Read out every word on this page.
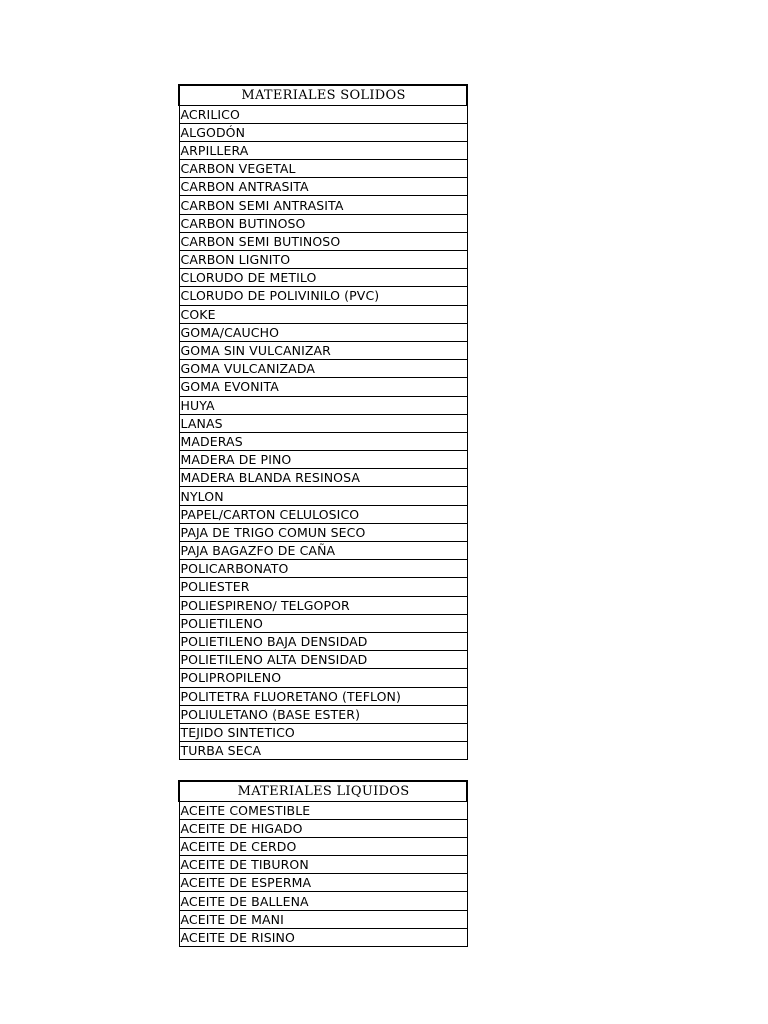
MATERIALES SOLIDOS
ACRILICO
ALGODÓN
ARPILLERA
CARBON VEGETAL
CARBON ANTRASITA
CARBON SEMI ANTRASITA
CARBON BUTINOSO
CARBON SEMI BUTINOSO
CARBON LIGNITO
CLORUDO DE METILO
CLORUDO DE POLIVINILO (PVC)
COKE
GOMA/CAUCHO
GOMA SIN VULCANIZAR
GOMA VULCANIZADA
GOMA EVONITA
HUYA
LANAS
MADERAS
MADERA DE PINO
MADERA BLANDA RESINOSA
NYLON
PAPEL/CARTON CELULOSICO
PAJA DE TRIGO COMUN SECO
PAJA BAGAZFO DE CAÑA
POLICARBONATO
POLIESTER
POLIESPIRENO/ TELGOPOR
POLIETILENO
POLIETILENO BAJA DENSIDAD
POLIETILENO ALTA DENSIDAD
POLIPROPILENO
POLITETRA FLUORETANO (TEFLON)
POLIULETANO (BASE ESTER)
TEJIDO SINTETICO
TURBA SECA
MATERIALES LIQUIDOS
ACEITE COMESTIBLE
ACEITE DE HIGADO
ACEITE DE CERDO
ACEITE DE TIBURON
ACEITE DE ESPERMA
ACEITE DE BALLENA
ACEITE DE MANI
ACEITE DE RISINO
